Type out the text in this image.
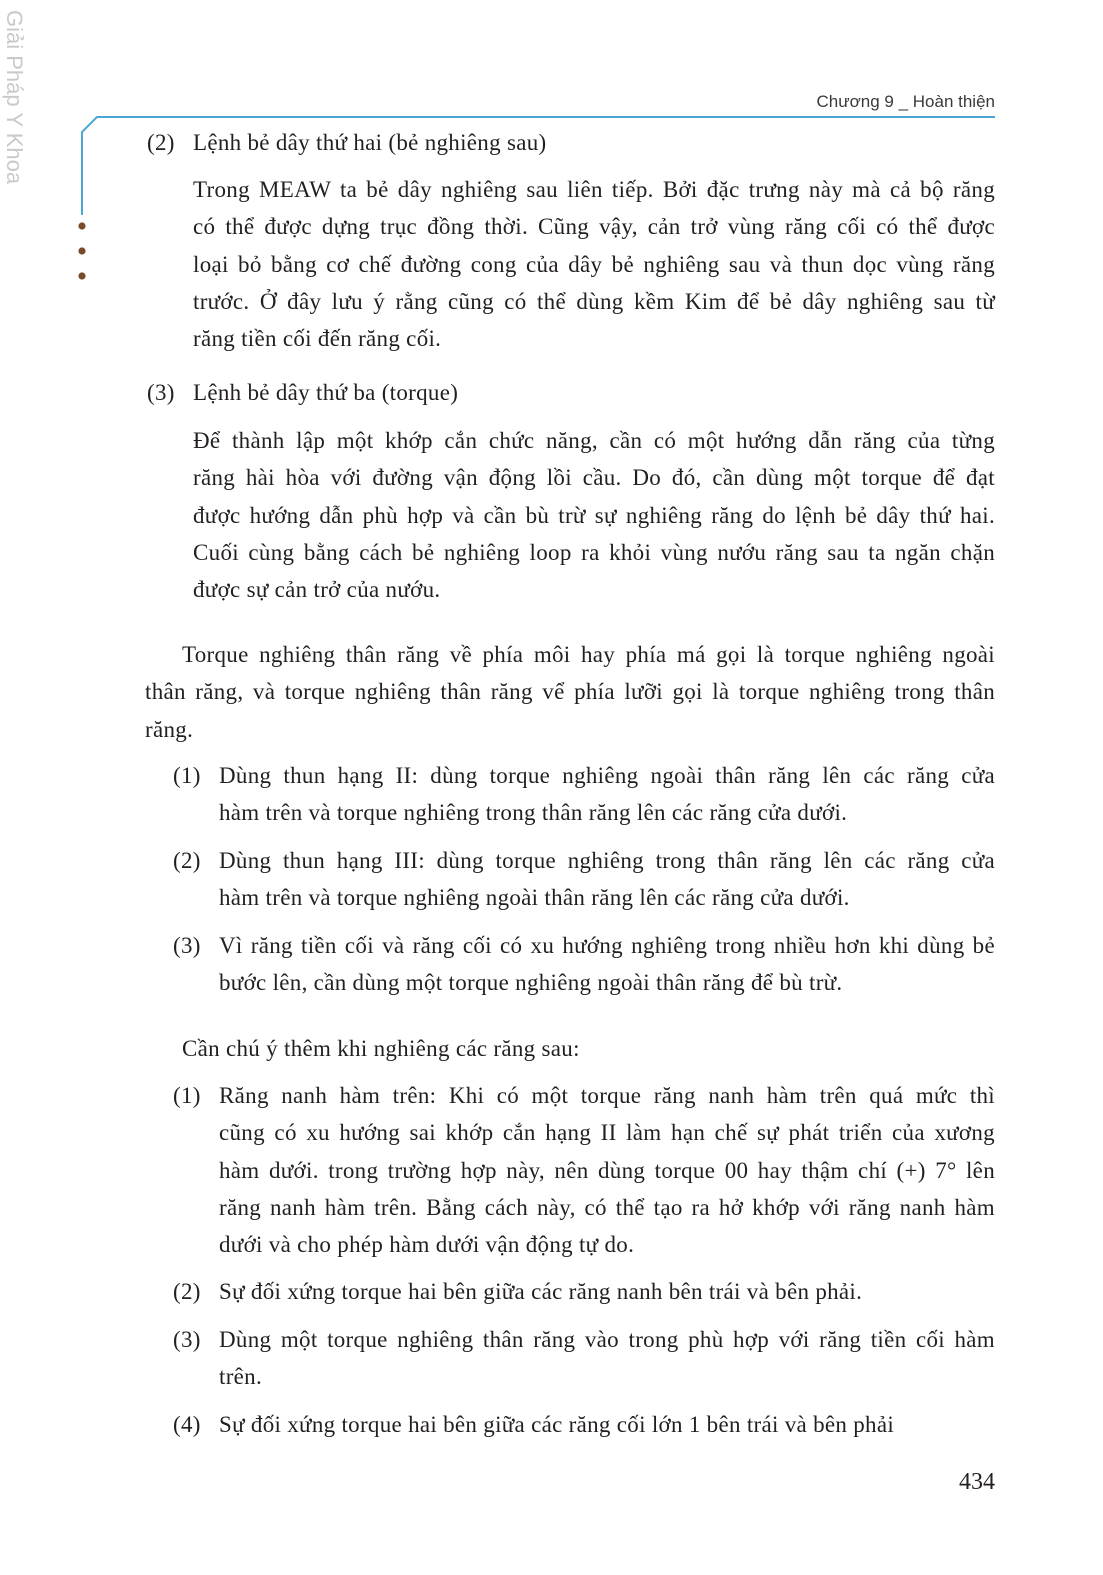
Giải Pháp Y Khoa	Chương 9 _ Hoàn thiện
(2) Lệnh bẻ dây thứ hai (bẻ nghiêng sau)
Trong MEAW ta bẻ dây nghiêng sau liên tiếp. Bởi đặc trưng này mà cả bộ răng
có thể được dựng trục đồng thời. Cũng vậy, cản trở vùng răng cối có thể được
loại bỏ bằng cơ chế đường cong của dây bẻ nghiêng sau và thun dọc vùng răng
trước. Ở đây lưu ý rằng cũng có thể dùng kềm Kim để bẻ dây nghiêng sau từ
răng tiền cối đến răng cối.
(3) Lệnh bẻ dây thứ ba (torque)
Để thành lập một khớp cắn chức năng, cần có một hướng dẫn răng của từng
răng hài hòa với đường vận động lồi cầu. Do đó, cần dùng một torque để đạt
được hướng dẫn phù hợp và cần bù trừ sự nghiêng răng do lệnh bẻ dây thứ hai.
Cuối cùng bằng cách bẻ nghiêng loop ra khỏi vùng nướu răng sau ta ngăn chặn
được sự cản trở của nướu.
Torque nghiêng thân răng về phía môi hay phía má gọi là torque nghiêng ngoài
thân răng, và torque nghiêng thân răng vể phía lưỡi gọi là torque nghiêng trong thân
răng.
(1) Dùng thun hạng II: dùng torque nghiêng ngoài thân răng lên các răng cửa
hàm trên và torque nghiêng trong thân răng lên các răng cửa dưới.
(2) Dùng thun hạng III: dùng torque nghiêng trong thân răng lên các răng cửa
hàm trên và torque nghiêng ngoài thân răng lên các răng cửa dưới.
(3) Vì răng tiền cối và răng cối có xu hướng nghiêng trong nhiều hơn khi dùng bẻ
bước lên, cần dùng một torque nghiêng ngoài thân răng để bù trừ.
Cần chú ý thêm khi nghiêng các răng sau:
(1) Răng nanh hàm trên: Khi có một torque răng nanh hàm trên quá mức thì
cũng có xu hướng sai khớp cắn hạng II làm hạn chế sự phát triển của xương
hàm dưới. trong trường hợp này, nên dùng torque 00 hay thậm chí (+) 7° lên
răng nanh hàm trên. Bằng cách này, có thể tạo ra hở khớp với răng nanh hàm
dưới và cho phép hàm dưới vận động tự do.
(2) Sự đối xứng torque hai bên giữa các răng nanh bên trái và bên phải.
(3) Dùng một torque nghiêng thân răng vào trong phù hợp với răng tiền cối hàm
trên.
(4) Sự đối xứng torque hai bên giữa các răng cối lớn 1 bên trái và bên phải
434
